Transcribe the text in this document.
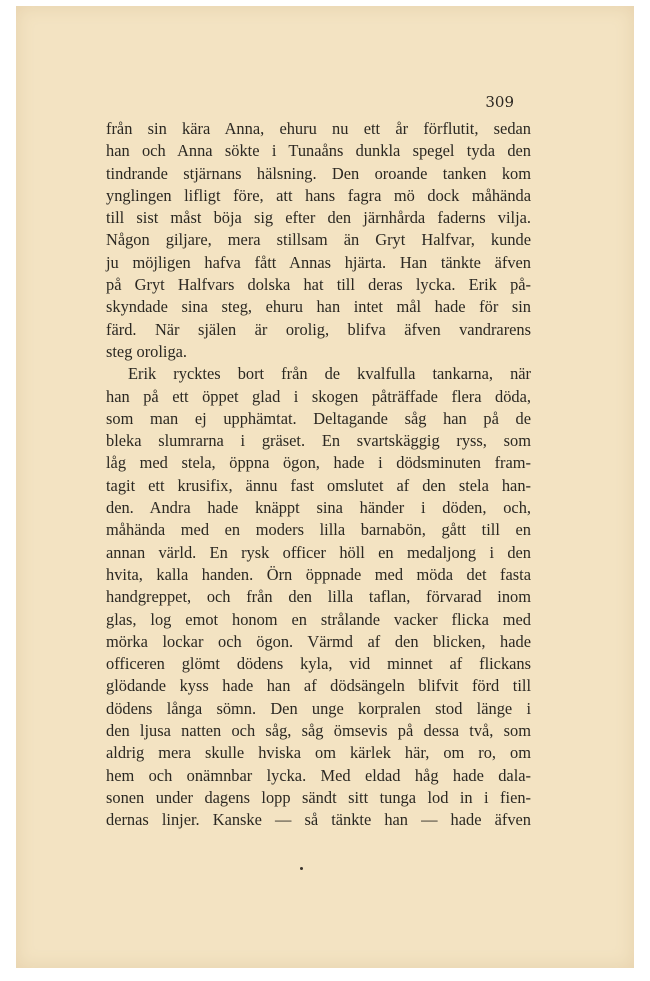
309
från sin kära Anna, ehuru nu ett år förflutit, sedan
han och Anna sökte i Tunaåns dunkla spegel tyda den
tindrande stjärnans hälsning. Den oroande tanken kom
ynglingen lifligt före, att hans fagra mö dock måhända
till sist måst böja sig efter den järnhårda faderns vilja.
Någon giljare, mera stillsam än Gryt Halfvar, kunde
ju möjligen hafva fått Annas hjärta. Han tänkte äfven
på Gryt Halfvars dolska hat till deras lycka. Erik på-
skyndade sina steg, ehuru han intet mål hade för sin
färd. När själen är orolig, blifva äfven vandrarens
steg oroliga.
Erik rycktes bort från de kvalfulla tankarna, när
han på ett öppet glad i skogen påträffade flera döda,
som man ej upphämtat. Deltagande såg han på de
bleka slumrarna i gräset. En svartskäggig ryss, som
låg med stela, öppna ögon, hade i dödsminuten fram-
tagit ett krusifix, ännu fast omslutet af den stela han-
den. Andra hade knäppt sina händer i döden, och,
måhända med en moders lilla barnabön, gått till en
annan värld. En rysk officer höll en medaljong i den
hvita, kalla handen. Örn öppnade med möda det fasta
handgreppet, och från den lilla taflan, förvarad inom
glas, log emot honom en strålande vacker flicka med
mörka lockar och ögon. Värmd af den blicken, hade
officeren glömt dödens kyla, vid minnet af flickans
glödande kyss hade han af dödsängeln blifvit förd till
dödens långa sömn. Den unge korpralen stod länge i
den ljusa natten och såg, såg ömsevis på dessa två, som
aldrig mera skulle hviska om kärlek här, om ro, om
hem och onämnbar lycka. Med eldad håg hade dala-
sonen under dagens lopp sändt sitt tunga lod in i fien-
dernas linjer. Kanske — så tänkte han — hade äfven
